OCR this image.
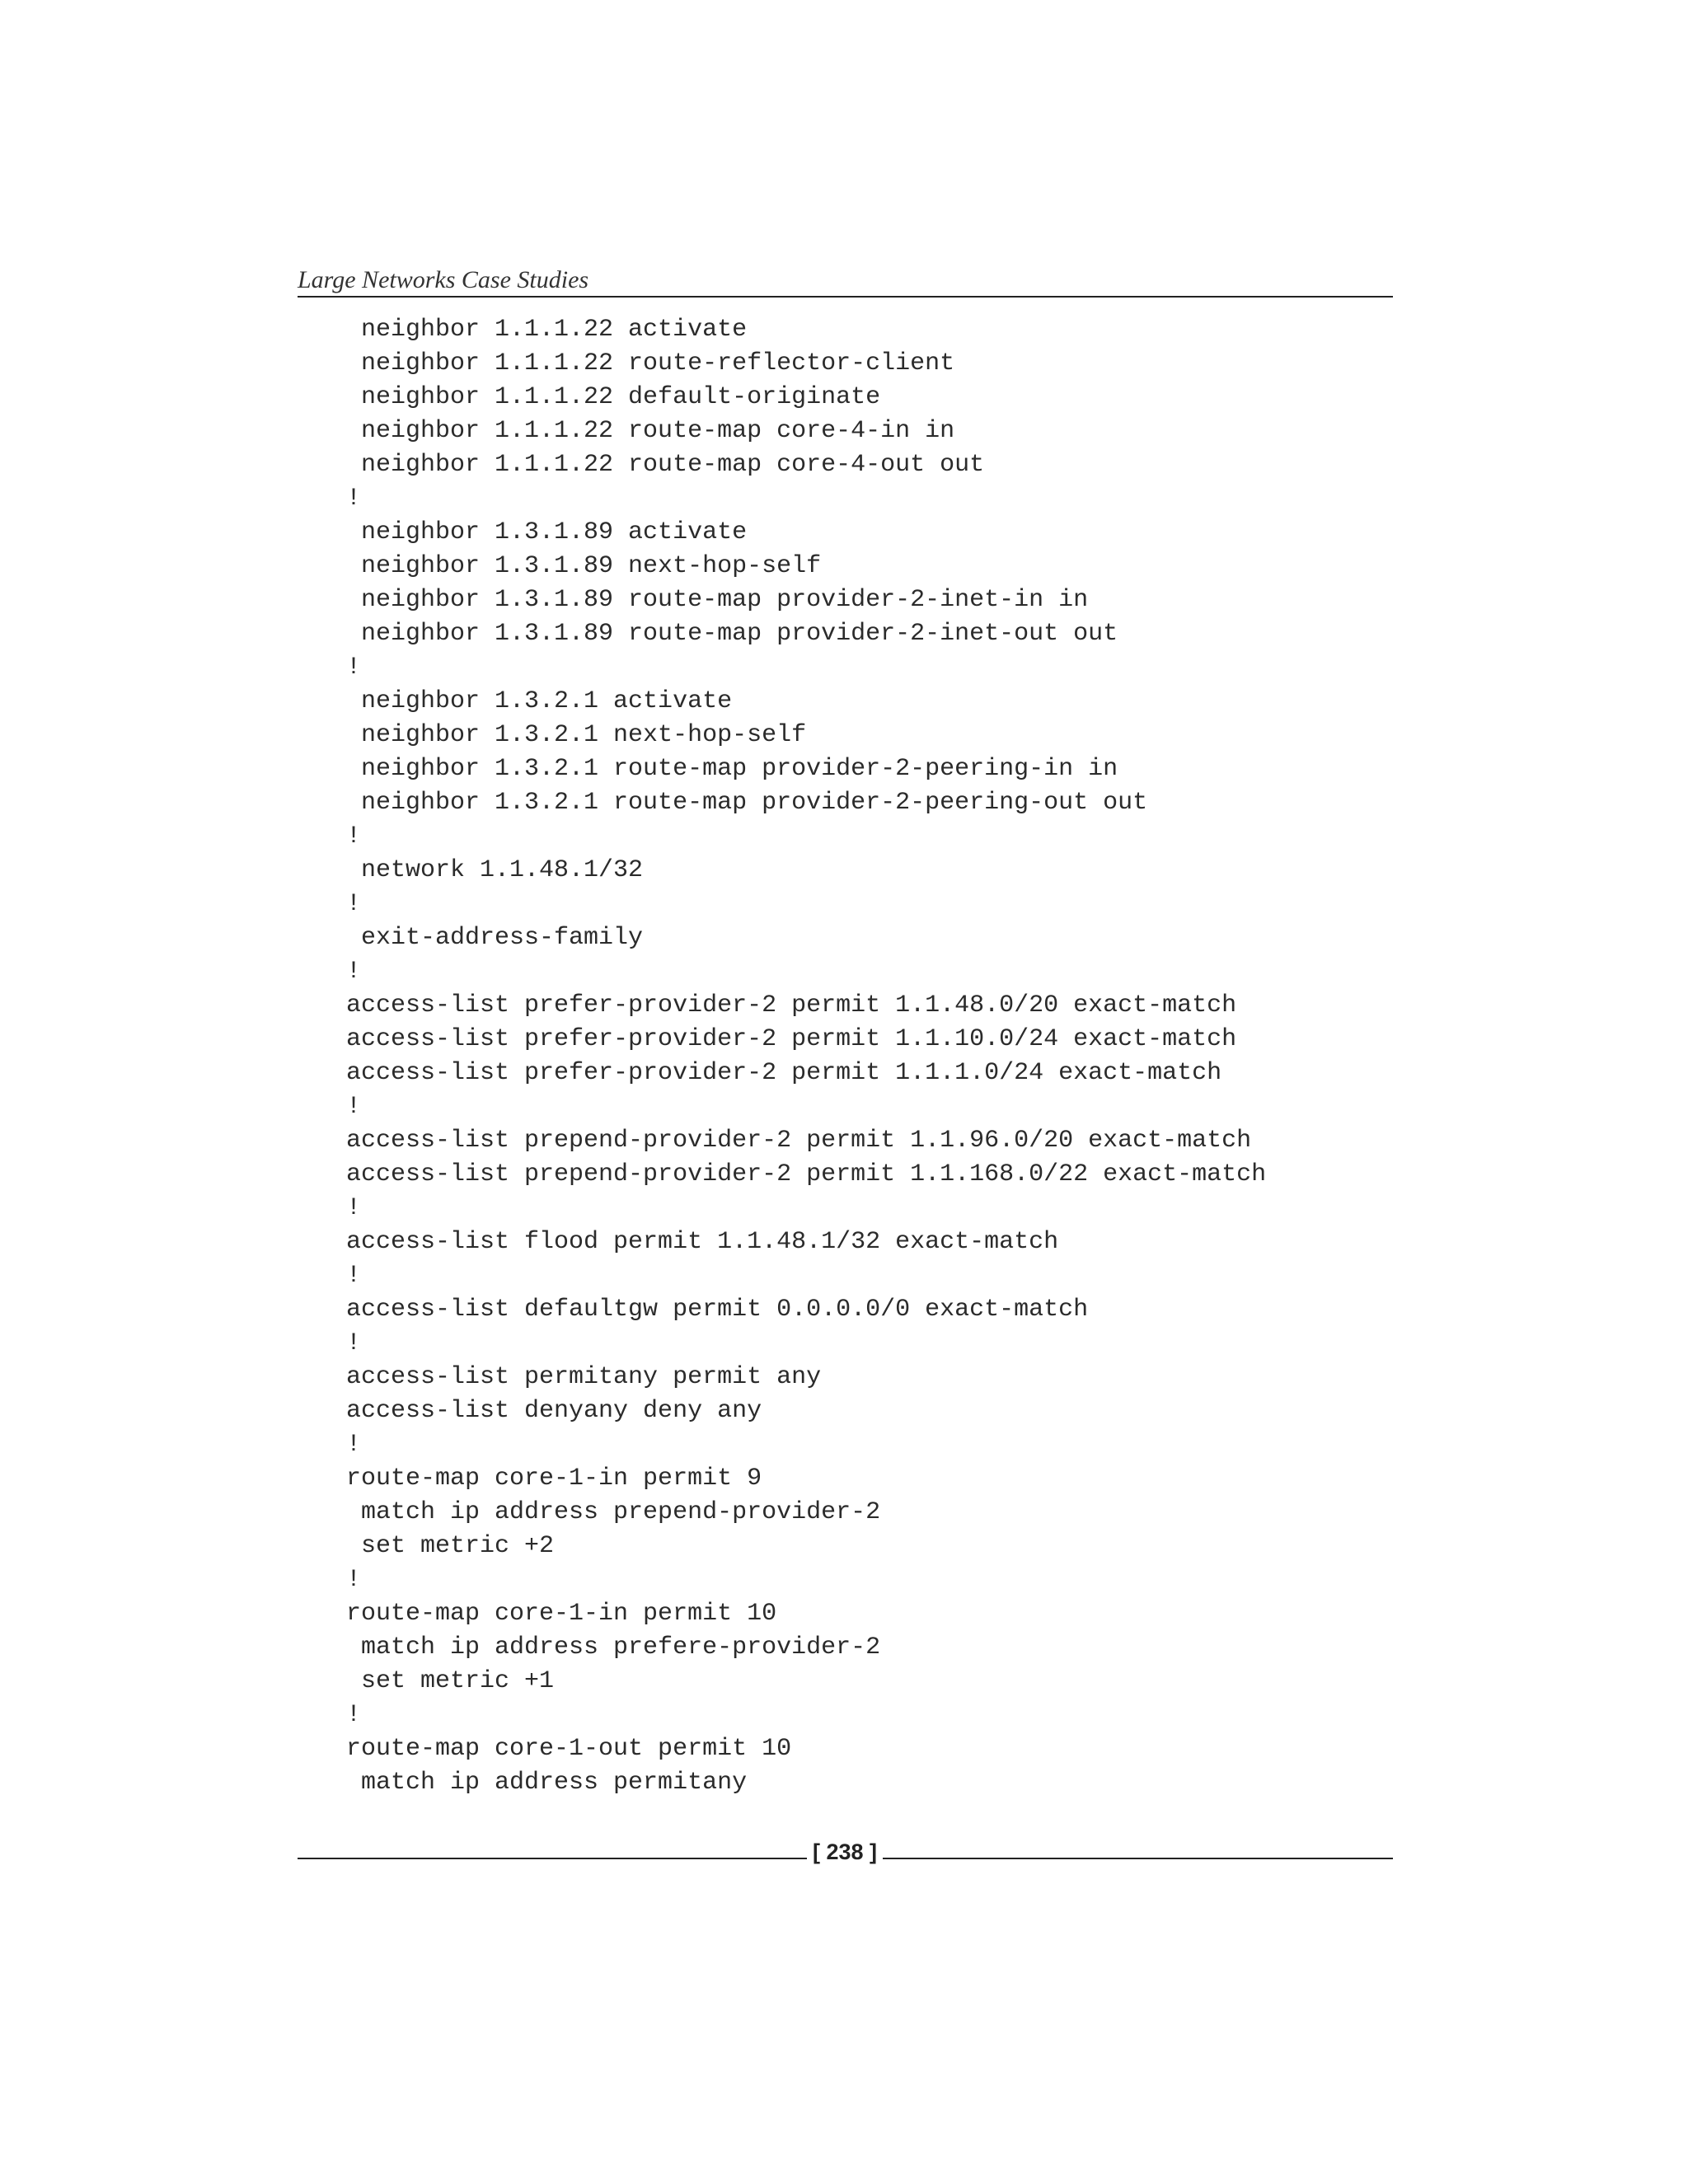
Large Networks Case Studies
neighbor 1.1.1.22 activate
neighbor 1.1.1.22 route-reflector-client
neighbor 1.1.1.22 default-originate
neighbor 1.1.1.22 route-map core-4-in in
neighbor 1.1.1.22 route-map core-4-out out
!
neighbor 1.3.1.89 activate
neighbor 1.3.1.89 next-hop-self
neighbor 1.3.1.89 route-map provider-2-inet-in in
neighbor 1.3.1.89 route-map provider-2-inet-out out
!
neighbor 1.3.2.1 activate
neighbor 1.3.2.1 next-hop-self
neighbor 1.3.2.1 route-map provider-2-peering-in in
neighbor 1.3.2.1 route-map provider-2-peering-out out
!
network 1.1.48.1/32
!
exit-address-family
!
access-list prefer-provider-2 permit 1.1.48.0/20 exact-match
access-list prefer-provider-2 permit 1.1.10.0/24 exact-match
access-list prefer-provider-2 permit 1.1.1.0/24 exact-match
!
access-list prepend-provider-2 permit 1.1.96.0/20 exact-match
access-list prepend-provider-2 permit 1.1.168.0/22 exact-match
!
access-list flood permit 1.1.48.1/32 exact-match
!
access-list defaultgw permit 0.0.0.0/0 exact-match
!
access-list permitany permit any
access-list denyany deny any
!
route-map core-1-in permit 9
match ip address prepend-provider-2
set metric +2
!
route-map core-1-in permit 10
match ip address prefere-provider-2
set metric +1
!
route-map core-1-out permit 10
match ip address permitany
[ 238 ]
